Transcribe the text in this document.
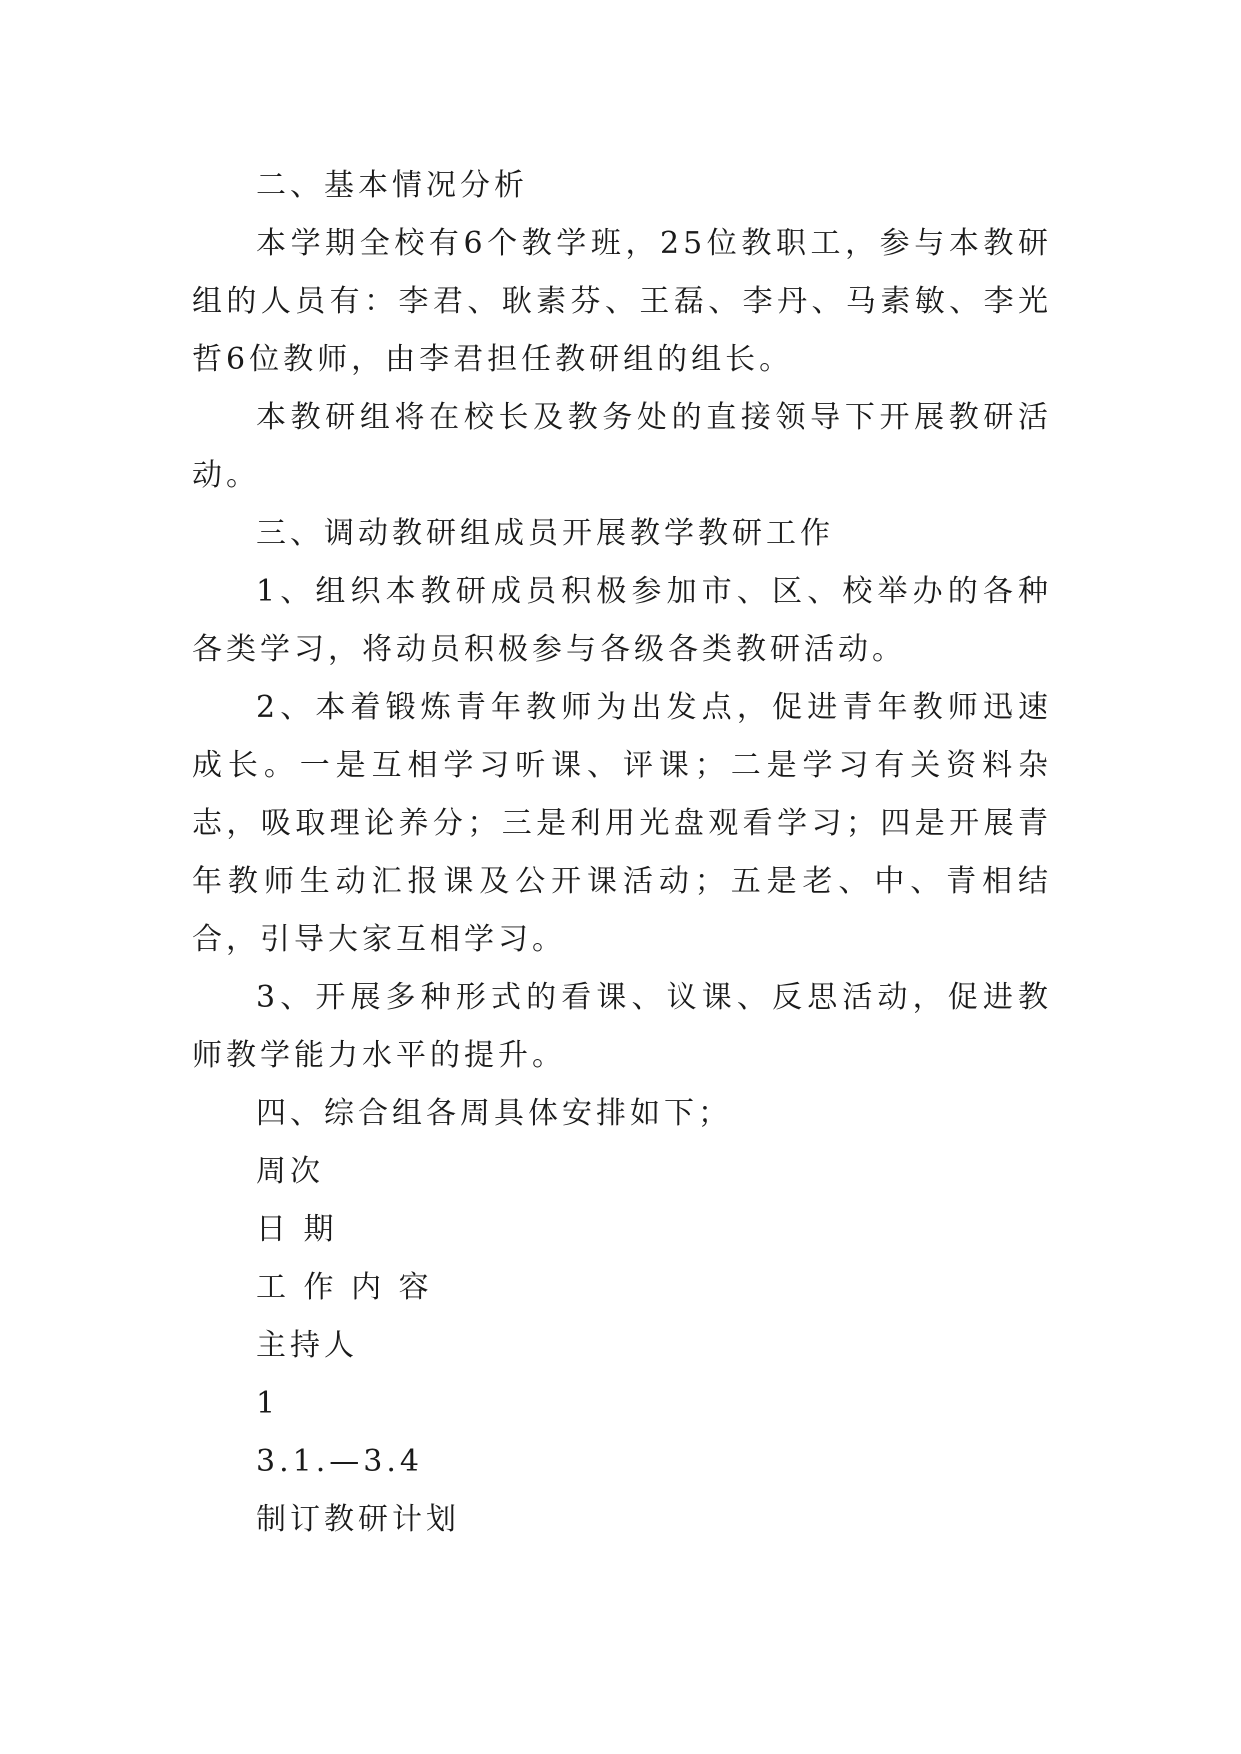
二、基本情况分析

本学期全校有6个教学班，25位教职工，参与本教研组的人员有：李君、耿素芬、王磊、李丹、马素敏、李光哲6位教师，由李君担任教研组的组长。

本教研组将在校长及教务处的直接领导下开展教研活动。

三、调动教研组成员开展教学教研工作

1、组织本教研成员积极参加市、区、校举办的各种各类学习，将动员积极参与各级各类教研活动。

2、本着锻炼青年教师为出发点，促进青年教师迅速成长。一是互相学习听课、评课；二是学习有关资料杂志，吸取理论养分；三是利用光盘观看学习；四是开展青年教师生动汇报课及公开课活动；五是老、中、青相结合，引导大家互相学习。

3、开展多种形式的看课、议课、反思活动，促进教师教学能力水平的提升。

四、综合组各周具体安排如下；

周次

日 期

工 作 内 容

主持人

1

3.1.—3.4

制订教研计划
